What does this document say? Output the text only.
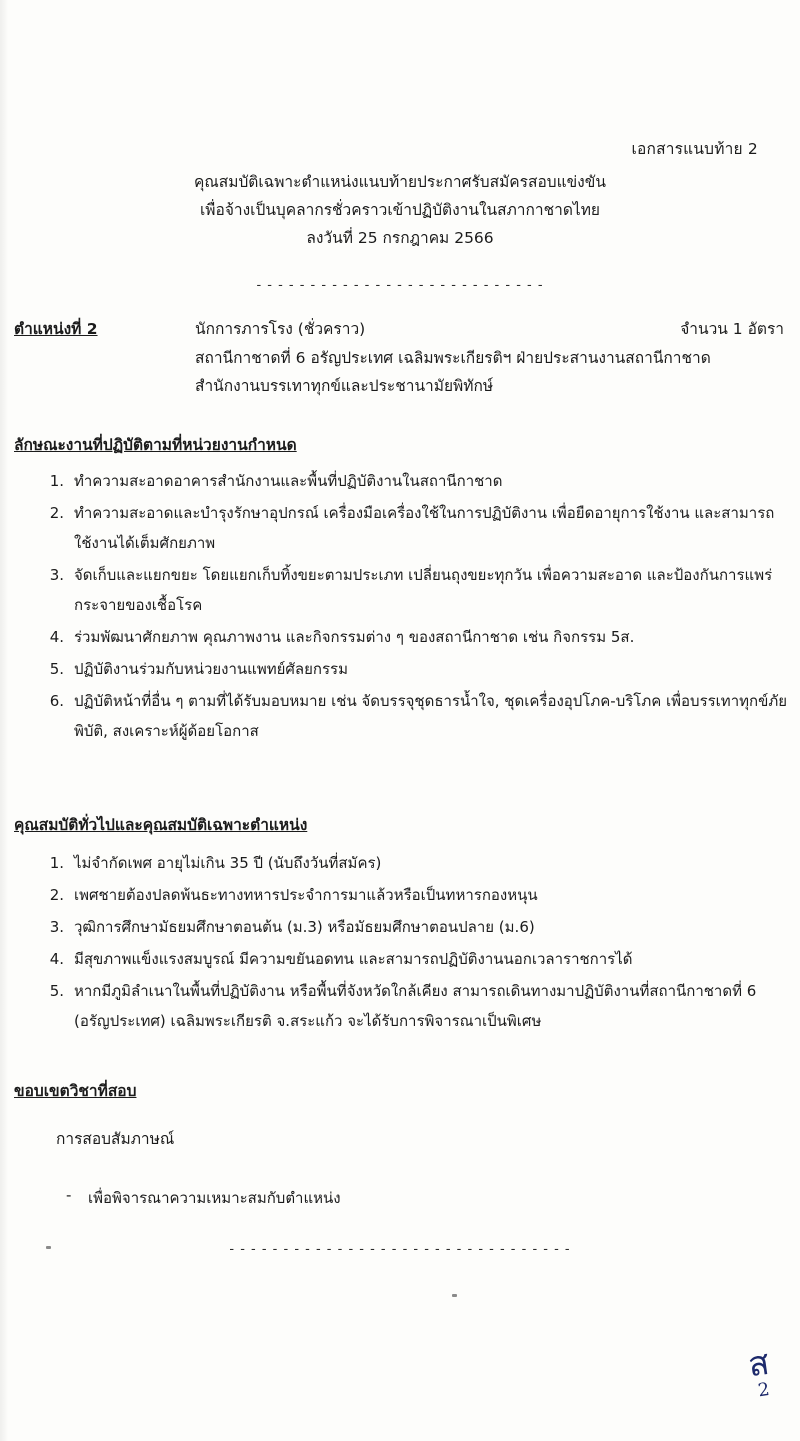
เอกสารแนบท้าย 2
คุณสมบัติเฉพาะตำแหน่งแนบท้ายประกาศรับสมัครสอบแข่งขัน
เพื่อจ้างเป็นบุคลากรชั่วคราวเข้าปฏิบัติงานในสภากาชาดไทย
ลงวันที่ 25 กรกฎาคม 2566
- - - - - - - - - - - - - - - - - - - - - - - - - - -
ตำแหน่งที่ 2	นักการภารโรง (ชั่วคราว)	จำนวน 1 อัตรา
สถานีกาชาดที่ 6 อรัญประเทศ เฉลิมพระเกียรติฯ ฝ่ายประสานงานสถานีกาชาด
สำนักงานบรรเทาทุกข์และประชานามัยพิทักษ์
ลักษณะงานที่ปฏิบัติตามที่หน่วยงานกำหนด
1. ทำความสะอาดอาคารสำนักงานและพื้นที่ปฏิบัติงานในสถานีกาชาด
2. ทำความสะอาดและบำรุงรักษาอุปกรณ์ เครื่องมือเครื่องใช้ในการปฏิบัติงาน เพื่อยืดอายุการใช้งาน และสามารถใช้งานได้เต็มศักยภาพ
3. จัดเก็บและแยกขยะ โดยแยกเก็บทิ้งขยะตามประเภท เปลี่ยนถุงขยะทุกวัน เพื่อความสะอาด และป้องกันการแพร่กระจายของเชื้อโรค
4. ร่วมพัฒนาศักยภาพ คุณภาพงาน และกิจกรรมต่าง ๆ ของสถานีกาชาด เช่น กิจกรรม 5ส.
5. ปฏิบัติงานร่วมกับหน่วยงานแพทย์ศัลยกรรม
6. ปฏิบัติหน้าที่อื่น ๆ ตามที่ได้รับมอบหมาย เช่น จัดบรรจุชุดธารน้ำใจ, ชุดเครื่องอุปโภค-บริโภค เพื่อบรรเทาทุกข์ภัยพิบัติ, สงเคราะห์ผู้ด้อยโอกาส
คุณสมบัติทั่วไปและคุณสมบัติเฉพาะตำแหน่ง
1. ไม่จำกัดเพศ อายุไม่เกิน 35 ปี (นับถึงวันที่สมัคร)
2. เพศชายต้องปลดพ้นธะทางทหารประจำการมาแล้วหรือเป็นทหารกองหนุน
3. วุฒิการศึกษามัธยมศึกษาตอนต้น (ม.3) หรือมัธยมศึกษาตอนปลาย (ม.6)
4. มีสุขภาพแข็งแรงสมบูรณ์ มีความขยันอดทน และสามารถปฏิบัติงานนอกเวลาราชการได้
5. หากมีภูมิลำเนาในพื้นที่ปฏิบัติงาน หรือพื้นที่จังหวัดใกล้เคียง สามารถเดินทางมาปฏิบัติงานที่สถานีกาชาดที่ 6 (อรัญประเทศ) เฉลิมพระเกียรติ จ.สระแก้ว จะได้รับการพิจารณาเป็นพิเศษ
ขอบเขตวิชาที่สอบ
การสอบสัมภาษณ์
- เพื่อพิจารณาความเหมาะสมกับตำแหน่ง
- - - - - - - - - - - - - - - - - - - - - - - - - - - - - - - -
ส
2
